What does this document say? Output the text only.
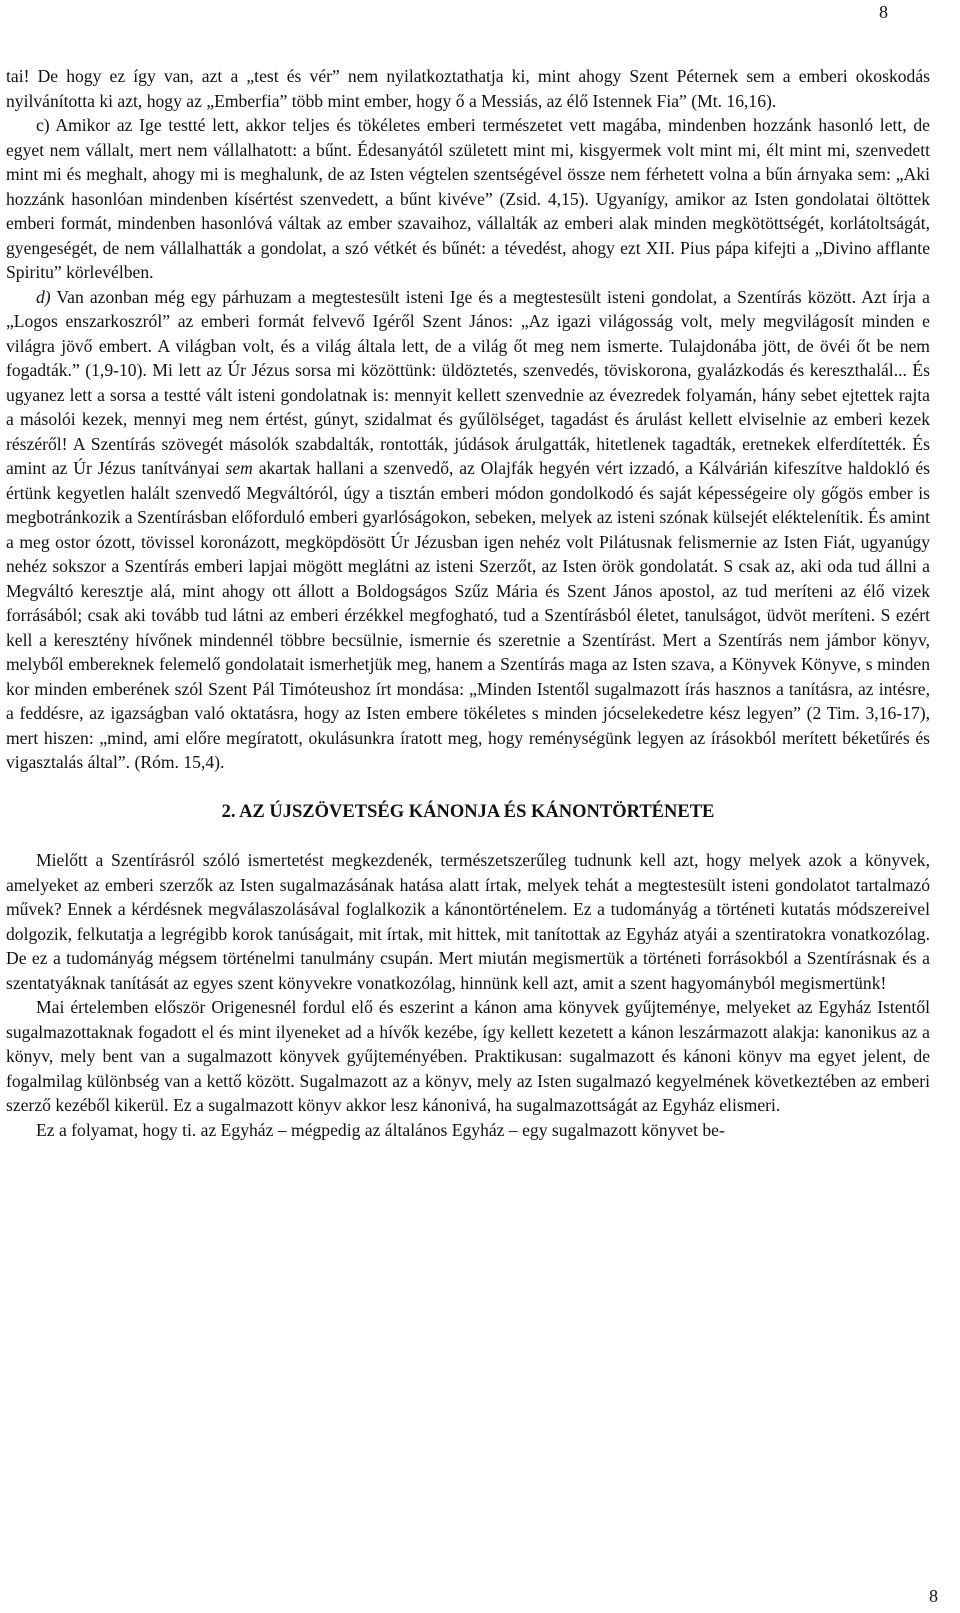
8

tai! De hogy ez így van, azt a „test és vér” nem nyilatkoztathatja ki, mint ahogy Szent Péternek sem a emberi okoskodás nyilvánította ki azt, hogy az „Emberfia” több mint ember, hogy ő a Messiás, az élő Istennek Fia” (Mt. 16,16).

c) Amikor az Ige testté lett, akkor teljes és tökéletes emberi természetet vett magába, mindenben hozzánk hasonló lett, de egyet nem vállalt, mert nem vállalhatott: a bűnt. Édesanyától született mint mi, kisgyermek volt mint mi, élt mint mi, szenvedett mint mi és meghalt, ahogy mi is meghalunk, de az Isten végtelen szentségével össze nem férhetett volna a bűn árnyaka sem: „Aki hozzánk hasonlóan mindenben kísértést szenvedett, a bűnt kivéve” (Zsid. 4,15). Ugyanígy, amikor az Isten gondolatai öltöttek emberi formát, mindenben hasonlóvá váltak az ember szavaihoz, vállalták az emberi alak minden megkötöttségét, korlátoltságát, gyengeségét, de nem vállalhatták a gondolat, a szó vétkét és bűnét: a tévedést, ahogy ezt XII. Pius pápa kifejti a „Divino afflante Spiritu” körlevélben.

d) Van azonban még egy párhuzam a megtestesült isteni Ige és a megtestesült isteni gondolat, a Szentírás között. Azt írja a „Logos enszarkoszról” az emberi formát felvevő Igéről Szent János: „Az igazi világosság volt, mely megvilágosít minden e világra jövő embert. A világban volt, és a világ általa lett, de a világ őt meg nem ismerte. Tulajdonába jött, de övéi őt be nem fogadták.” (1,9-10). Mi lett az Úr Jézus sorsa mi közöttünk: üldöztetés, szenvedés, töviskorona, gyalázkodás és kereszthalál... És ugyanez lett a sorsa a testté vált isteni gondolatnak is: mennyit kellett szenvednie az évezredek folyamán, hány sebet ejtettek rajta a másolói kezek, mennyi meg nem értést, gúnyt, szidalmat és gyűlölséget, tagadást és árulást kellett elviselnie az emberi kezek részéről! A Szentírás szövegét másolók szabdalták, rontották, júdások árulgatták, hitetlenek tagadták, eretnekek elferdítették. És amint az Úr Jézus tanítványai sem akartak hallani a szenvedő, az Olajfák hegyén vért izzadó, a Kálvárián kifeszítve haldokló és értünk kegyetlen halált szenvedő Megváltóról, úgy a tisztán emberi módon gondolkodó és saját képességeire oly gőgös ember is megbotránkozik a Szentírásban előforduló emberi gyarlóságokon, sebeken, melyek az isteni szónak külsejét eléktelenítik. És amint a meg ostor ózott, tövissel koronázott, megköpdösött Úr Jézusban igen nehéz volt Pilátusnak felismernie az Isten Fiát, ugyanúgy nehéz sokszor a Szentírás emberi lapjai mögött meglátni az isteni Szerzőt, az Isten örök gondolatát. S csak az, aki oda tud állni a Megváltó keresztje alá, mint ahogy ott állott a Boldogságos Szűz Mária és Szent János apostol, az tud meríteni az élő vizek forrásából; csak aki tovább tud látni az emberi érzékkel megfogható, tud a Szentírásból életet, tanulságot, üdvöt meríteni. S ezért kell a keresztény hívőnek mindennél többre becsülnie, ismernie és szeretnie a Szentírást. Mert a Szentírás nem jámbor könyv, melyből embereknek felemelő gondolatait ismerhetjük meg, hanem a Szentírás maga az Isten szava, a Könyvek Könyve, s minden kor minden emberének szól Szent Pál Timóteushoz írt mondása: „Minden Istentől sugalmazott írás hasznos a tanításra, az intésre, a feddésre, az igazságban való oktatásra, hogy az Isten embere tökéletes s minden jócselekedetre kész legyen” (2 Tim. 3,16-17), mert hiszen: „mind, ami előre megíratott, okulásunkra íratott meg, hogy reménységünk legyen az írásokból merített béketűrés és vigasztalás által”. (Róm. 15,4).

2. AZ ÚJSZÖVETSÉG KÁNONJA ÉS KÁNONTÖRTÉNETE

Mielőtt a Szentírásról szóló ismertetést megkezdenék, természetszerűleg tudnunk kell azt, hogy melyek azok a könyvek, amelyeket az emberi szerzők az Isten sugalmazásának hatása alatt írtak, melyek tehát a megtestesült isteni gondolatot tartalmazó művek? Ennek a kérdésnek megválaszolásával foglalkozik a kánontörténelem. Ez a tudományág a történeti kutatás módszereivel dolgozik, felkutatja a legrégibb korok tanúságait, mit írtak, mit hittek, mit tanítottak az Egyház atyái a szentiratokra vonatkozólag. De ez a tudományág mégsem történelmi tanulmány csupán. Mert miután megismertük a történeti forrásokból a Szentírásnak és a szentatyáknak tanítását az egyes szent könyvekre vonatkozólag, hinnünk kell azt, amit a szent hagyományból megismertünk!

Mai értelemben először Origenesnél fordul elő és eszerint a kánon ama könyvek gyűjteménye, melyeket az Egyház Istentől sugalmazottaknak fogadott el és mint ilyeneket ad a hívők kezébe, így kellett kezetett a kánon leszármazott alakja: kanonikus az a könyv, mely bent van a sugalmazott könyvek gyűjteményében. Praktikusan: sugalmazott és kánoni könyv ma egyet jelent, de fogalmilag különbség van a kettő között. Sugalmazott az a könyv, mely az Isten sugalmazó kegyelmének következtében az emberi szerző kezéből kikerül. Ez a sugalmazott könyv akkor lesz kánonivá, ha sugalmazottságát az Egyház elismeri.

Ez a folyamat, hogy ti. az Egyház – mégpedig az általános Egyház – egy sugalmazott könyvet be-

8
